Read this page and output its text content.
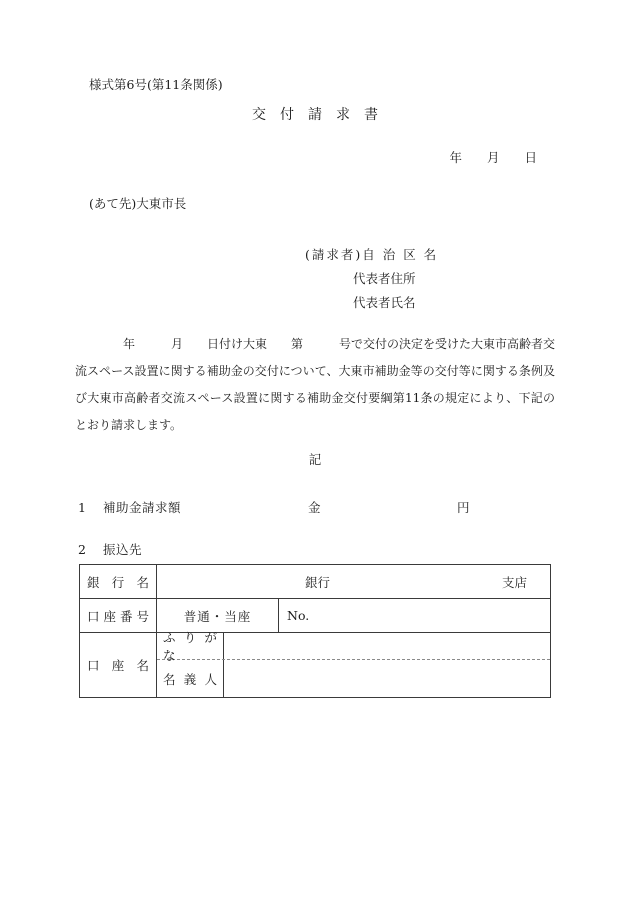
様式第6号(第11条関係)
交　付　請　求　書
年　　月　　日
(あて先)大東市長
(請求者)自 治 区 名
代表者住所
代表者氏名
　　　　年　　　月　　日付け大東　　第　　　号で交付の決定を受けた大東市高齢者交流スペース設置に関する補助金の交付について、大東市補助金等の交付等に関する条例及び大東市高齢者交流スペース設置に関する補助金交付要綱第11条の規定により、下記のとおり請求します。
記
1 補助金請求額	金	円
2 振込先
銀 行 名	銀行	支店
口 座 番 号	普通・当座	No.
口 座 名
ふ り が な
名 義 人
